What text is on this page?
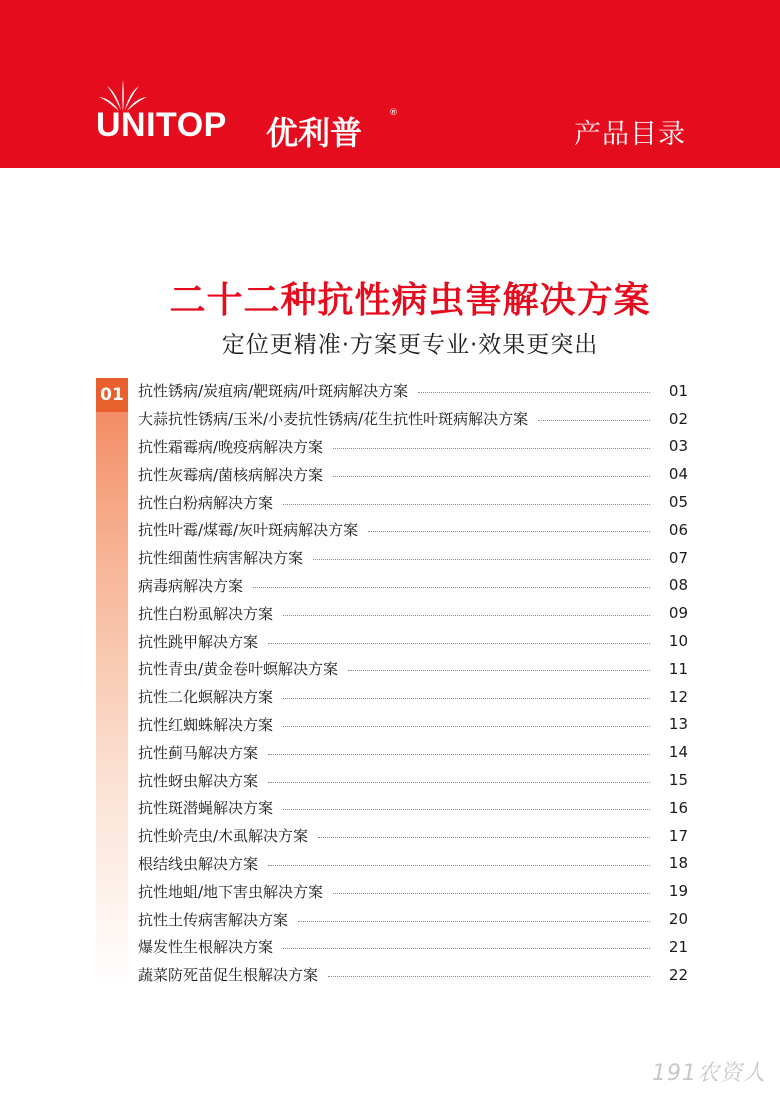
UNITOP 优利普
®
产品目录
二十二种抗性病虫害解决方案
定位更精准·方案更专业·效果更突出
01 抗性锈病/炭疽病/靶斑病/叶斑病解决方案	01
大蒜抗性锈病/玉米/小麦抗性锈病/花生抗性叶斑病解决方案	02
抗性霜霉病/晚疫病解决方案	03
抗性灰霉病/菌核病解决方案	04
抗性白粉病解决方案	05
抗性叶霉/煤霉/灰叶斑病解决方案	06
抗性细菌性病害解决方案	07
病毒病解决方案	08
抗性白粉虱解决方案	09
抗性跳甲解决方案	10
抗性青虫/黄金卷叶螟解决方案	11
抗性二化螟解决方案	12
抗性红蜘蛛解决方案	13
抗性蓟马解决方案	14
抗性蚜虫解决方案	15
抗性斑潜蝇解决方案	16
抗性蚧壳虫/木虱解决方案	17
根结线虫解决方案	18
抗性地蛆/地下害虫解决方案	19
抗性土传病害解决方案	20
爆发性生根解决方案	21
蔬菜防死苗促生根解决方案	22
191农资人
